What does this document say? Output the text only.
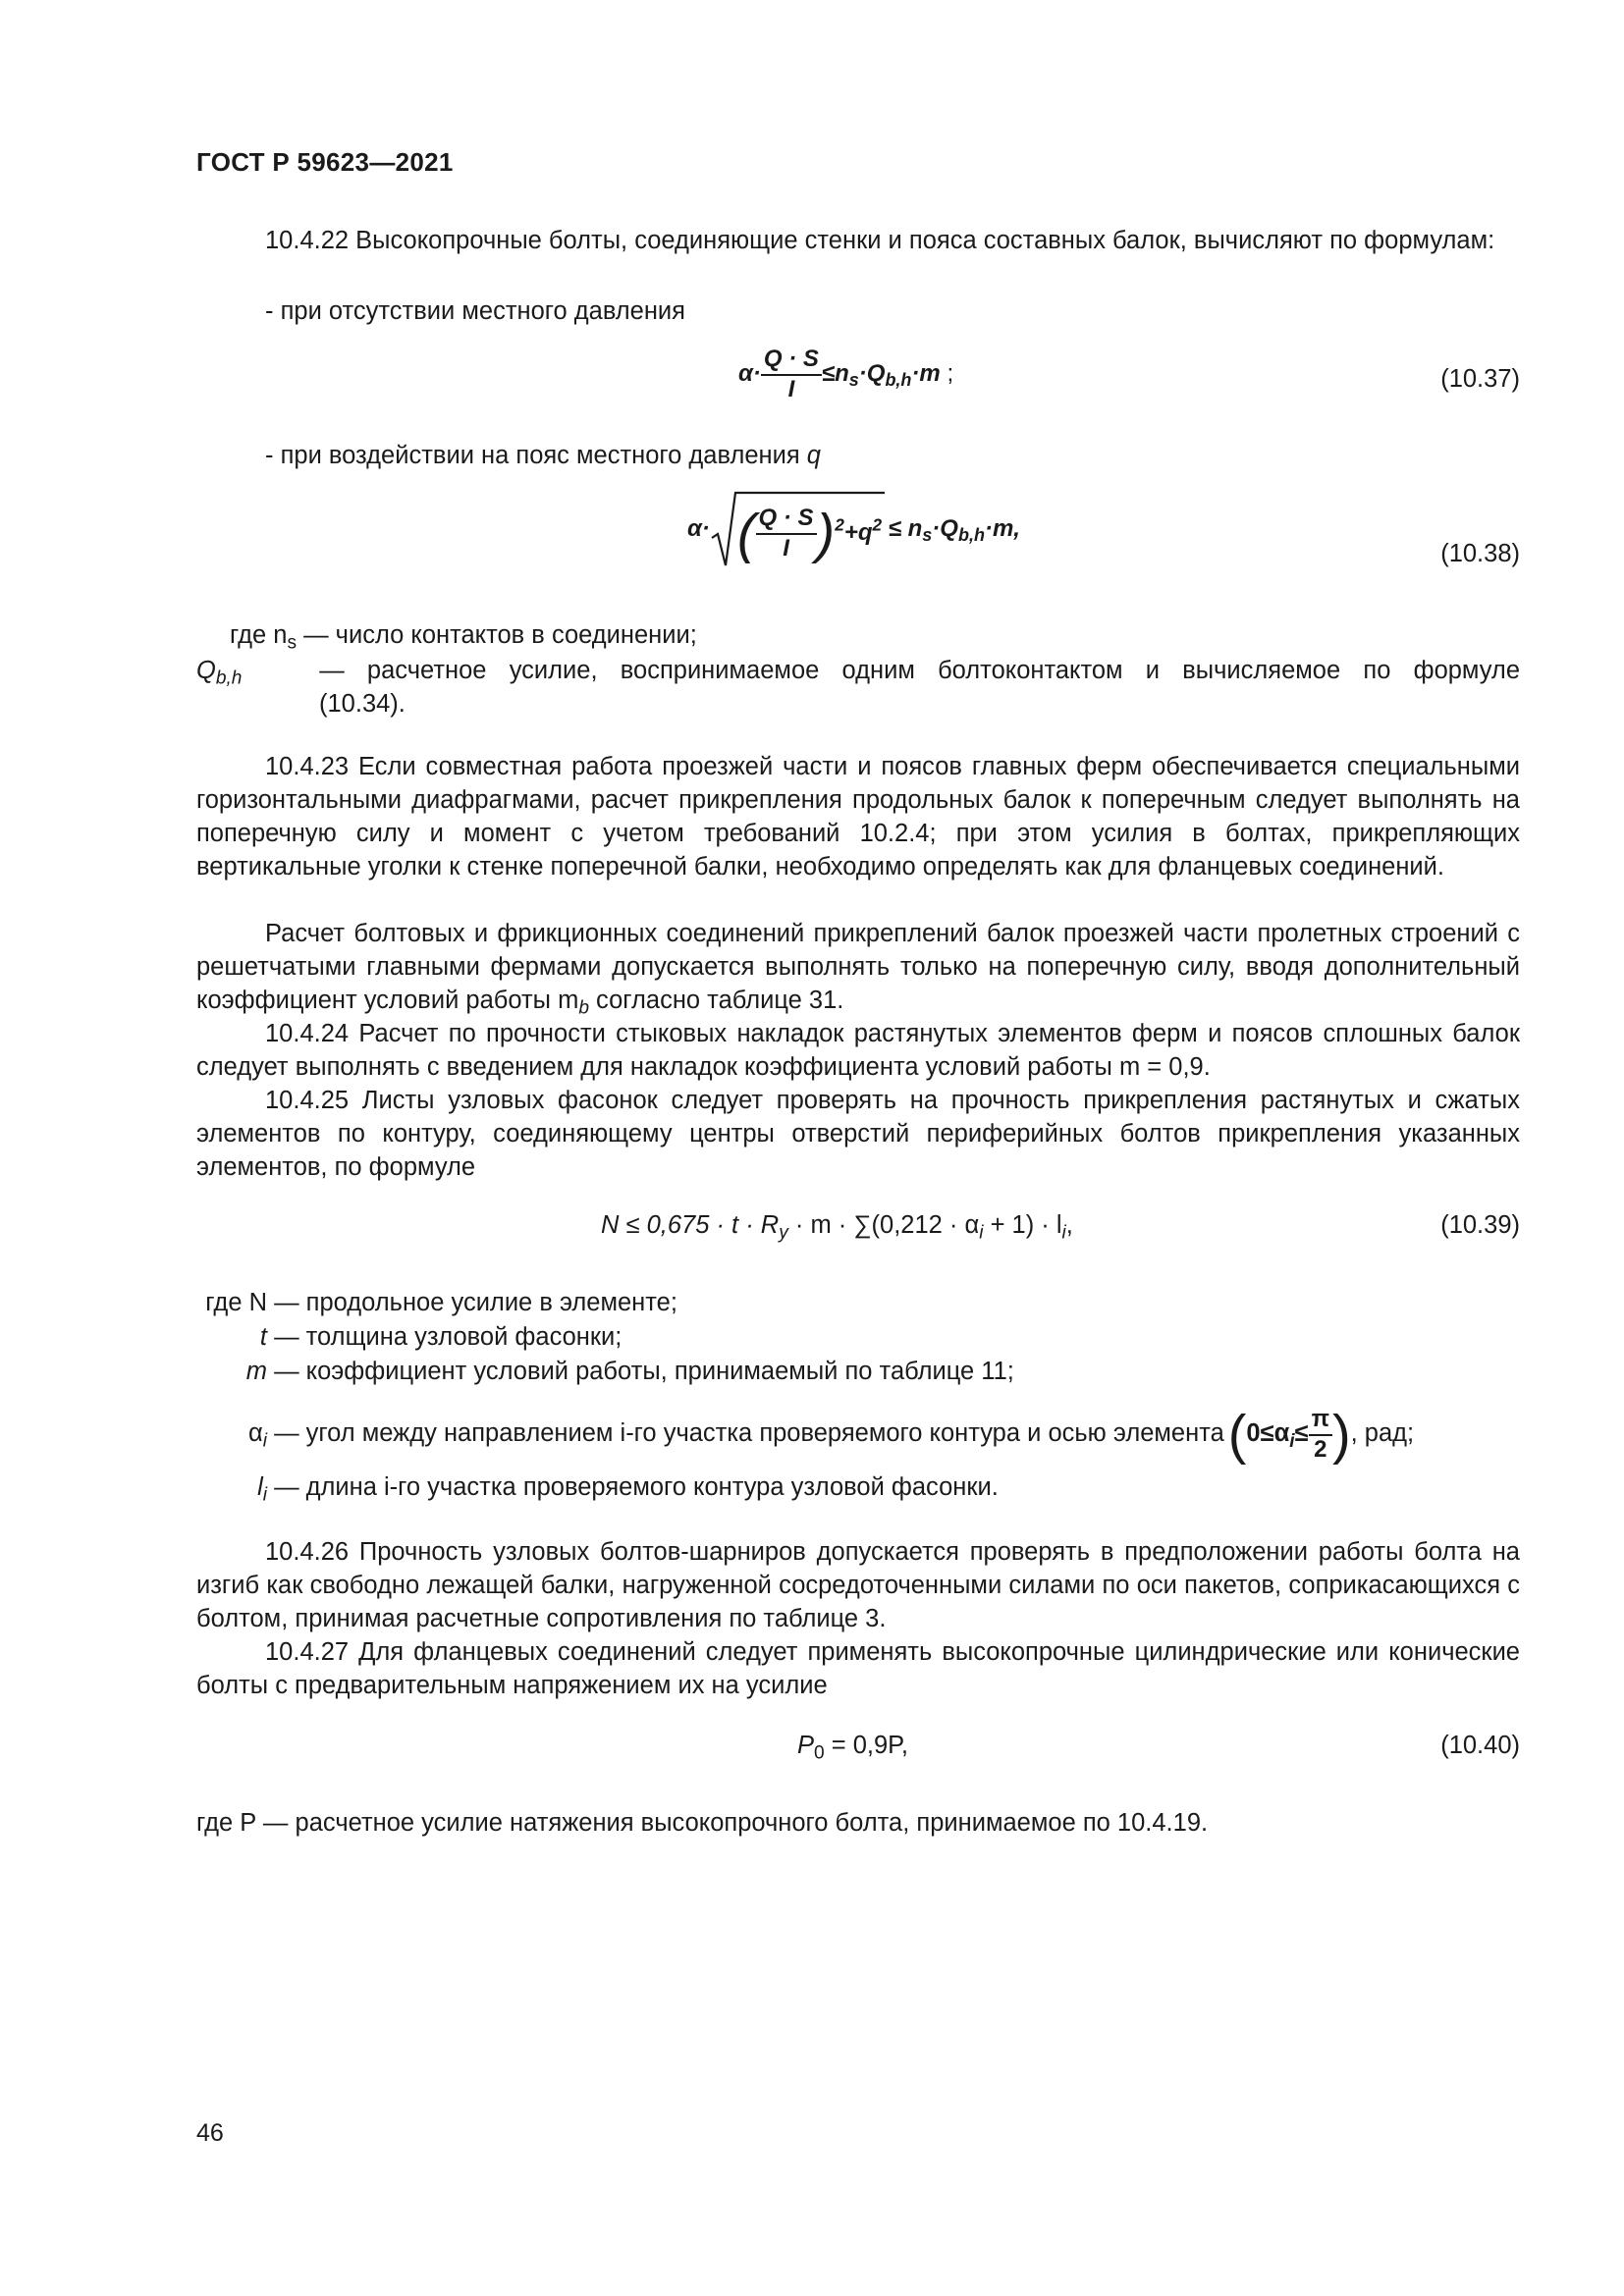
ГОСТ Р 59623—2021
10.4.22 Высокопрочные болты, соединяющие стенки и пояса составных балок, вычисляют по формулам:
- при отсутствии местного давления
$\alpha\cdot \frac{Q \cdot S}{I} \le n_s\cdot Q_{b,h}\cdot m$ ;	(10.37)
- при воздействии на пояс местного давления q
α· ( $\frac{Q \cdot S}{I} )^2+q^2 \le n_s\cdot Q_{b,h}\cdot m$,
(10.38)
где $n_s$ — число контактов в соединении;
$Q_{b,h}$ — расчетное усилие, воспринимаемое одним болтоконтактом и вычисляемое по формуле
(10.34).
10.4.23 Если совместная работа проезжей части и поясов главных ферм обеспечивается специальными горизонтальными диафрагмами, расчет прикрепления продольных балок к поперечным следует выполнять на поперечную силу и момент с учетом требований 10.2.4; при этом усилия в болтах, прикрепляющих вертикальные уголки к стенке поперечной балки, необходимо определять как для фланцевых соединений.
Расчет болтовых и фрикционных соединений прикреплений балок проезжей части пролетных строений с решетчатыми главными фермами допускается выполнять только на поперечную силу, вводя дополнительный коэффициент условий работы $m_b$ согласно таблице 31.
10.4.24 Расчет по прочности стыковых накладок растянутых элементов ферм и поясов сплошных балок следует выполнять с введением для накладок коэффициента условий работы m = 0,9.
10.4.25 Листы узловых фасонок следует проверять на прочность прикрепления растянутых и сжатых элементов по контуру, соединяющему центры отверстий периферийных болтов прикрепления указанных элементов, по формуле
$N \le 0,675 \cdot t \cdot R_y \cdot m \cdot \sum(0,212 \cdot \alpha_i + 1) \cdot l_i$,	(10.39)
где N — продольное усилие в элементе;
t — толщина узловой фасонки;
m — коэффициент условий работы, принимаемый по таблице 11;
$\alpha_i$ — угол между направлением i-го участка проверяемого контура и осью $элемента(0\le\alpha_i\le \frac{\pi}{2}$ ), рад;
$l_i$ — длина i-го участка проверяемого контура узловой фасонки.
10.4.26 Прочность узловых болтов-шарниров допускается проверять в предположении работы болта на изгиб как свободно лежащей балки, нагруженной сосредоточенными силами по оси пакетов, соприкасающихся с болтом, принимая расчетные сопротивления по таблице 3.
10.4.27 Для фланцевых соединений следует применять высокопрочные цилиндрические или конические болты с предварительным напряжением их на усилие
$P_0 = 0,9P$,	(10.40)
где P — расчетное усилие натяжения высокопрочного болта, принимаемое по 10.4.19.
46
